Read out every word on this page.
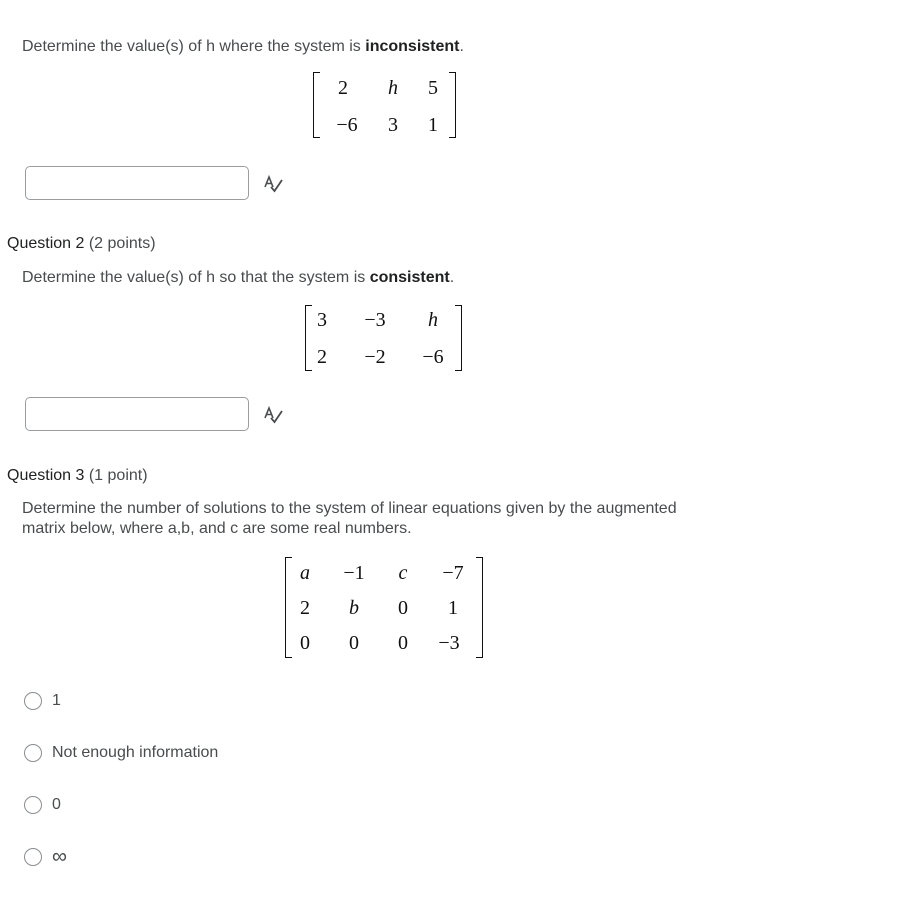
Determine the value(s) of h where the system is inconsistent.
2 h 5
−6 3 1
Question 2 (2 points)
Determine the value(s) of h so that the system is consistent.
3 −3 h
2 −2 −6
Question 3 (1 point)
Determine the number of solutions to the system of linear equations given by the augmented
matrix below, where a,b, and c are some real numbers.
a −1 c −7
2 b 0 1
0 0 0 −3
1
Not enough information
0
∞
